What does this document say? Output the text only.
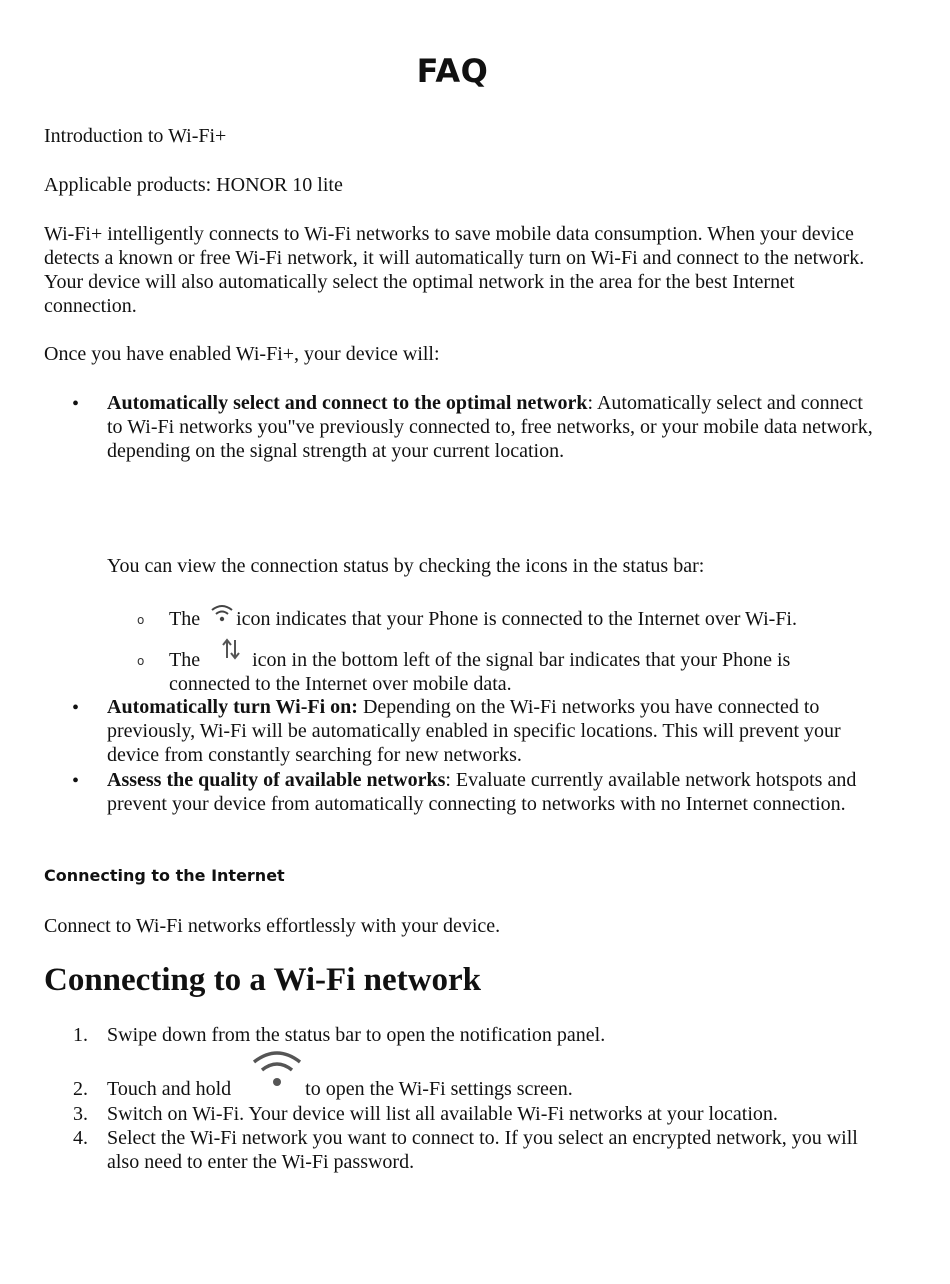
FAQ

Introduction to Wi-Fi+

Applicable products: HONOR 10 lite

Wi-Fi+ intelligently connects to Wi-Fi networks to save mobile data consumption. When your device detects a known or free Wi-Fi network, it will automatically turn on Wi-Fi and connect to the network. Your device will also automatically select the optimal network in the area for the best Internet connection.

Once you have enabled Wi-Fi+, your device will:

• Automatically select and connect to the optimal network: Automatically select and connect to Wi-Fi networks you"ve previously connected to, free networks, or your mobile data network, depending on the signal strength at your current location.

You can view the connection status by checking the icons in the status bar:

o The icon indicates that your Phone is connected to the Internet over Wi-Fi.

o The	icon in the bottom left of the signal bar indicates that your Phone is connected to the Internet over mobile data.

• Automatically turn Wi-Fi on: Depending on the Wi-Fi networks you have connected to previously, Wi-Fi will be automatically enabled in specific locations. This will prevent your device from constantly searching for new networks.

• Assess the quality of available networks: Evaluate currently available network hotspots and prevent your device from automatically connecting to networks with no Internet connection.

Connecting to the Internet

Connect to Wi-Fi networks effortlessly with your device.

Connecting to a Wi-Fi network
1. Swipe down from the status bar to open the notification panel.

2. Touch and hold	to open the Wi-Fi settings screen.

3. Switch on Wi-Fi. Your device will list all available Wi-Fi networks at your location.

4. Select the Wi-Fi network you want to connect to. If you select an encrypted network, you will also need to enter the Wi-Fi password.
